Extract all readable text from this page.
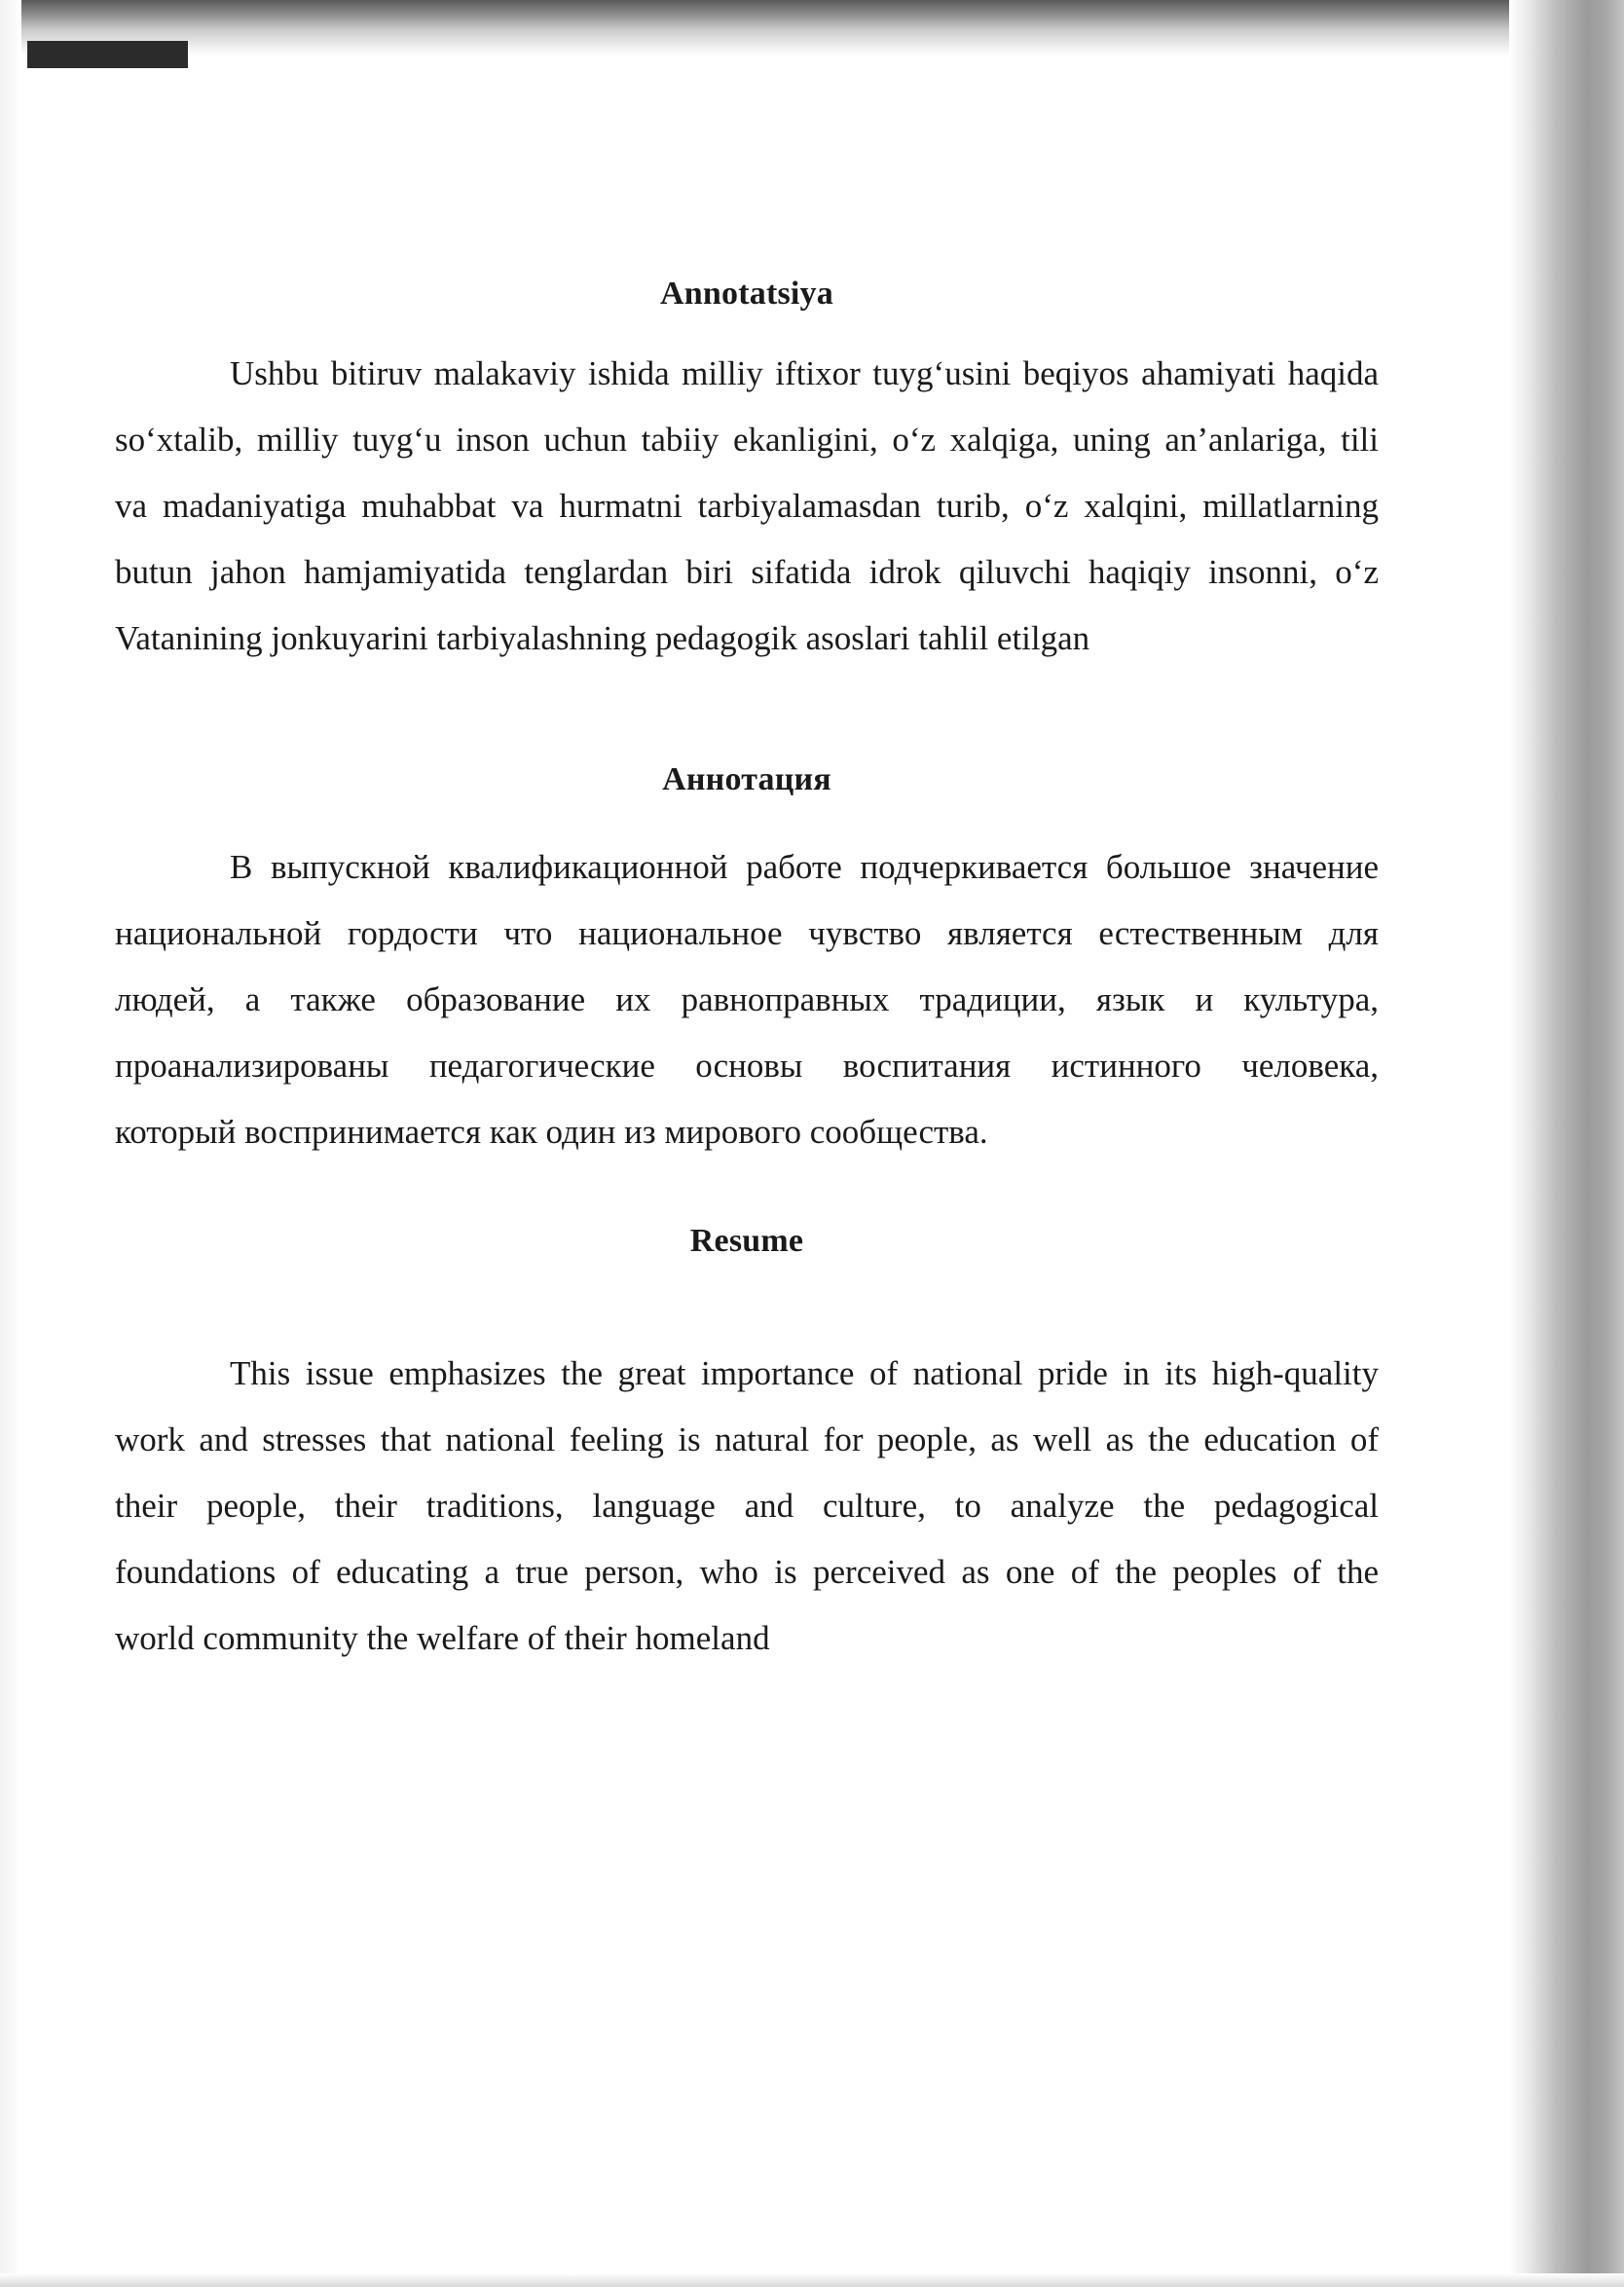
Annotatsiya
Ushbu bitiruv malakaviy ishida milliy iftixor tuyg‘usini beqiyos ahamiyati haqida
so‘xtalib, milliy tuyg‘u inson uchun tabiiy ekanligini, o‘z xalqiga, uning an’anlariga, tili
va madaniyatiga muhabbat va hurmatni tarbiyalamasdan turib, o‘z xalqini, millatlarning
butun jahon hamjamiyatida tenglardan biri sifatida idrok qiluvchi haqiqiy insonni, o‘z
Vatanining jonkuyarini tarbiyalashning pedagogik asoslari tahlil etilgan
Аннотация
В выпускной квалификационной работе подчеркивается большое значение
национальной гордости что национальное чувство является естественным для
людей, а также образование их равноправных традиции, язык и культура,
проанализированы педагогические основы воспитания истинного человека,
который воспринимается как один из мирового сообщества.
Resume
This issue emphasizes the great importance of national pride in its high-quality
work and stresses that national feeling is natural for people, as well as the education of
their people, their traditions, language and culture, to analyze the pedagogical
foundations of educating a true person, who is perceived as one of the peoples of the
world community the welfare of their homeland
